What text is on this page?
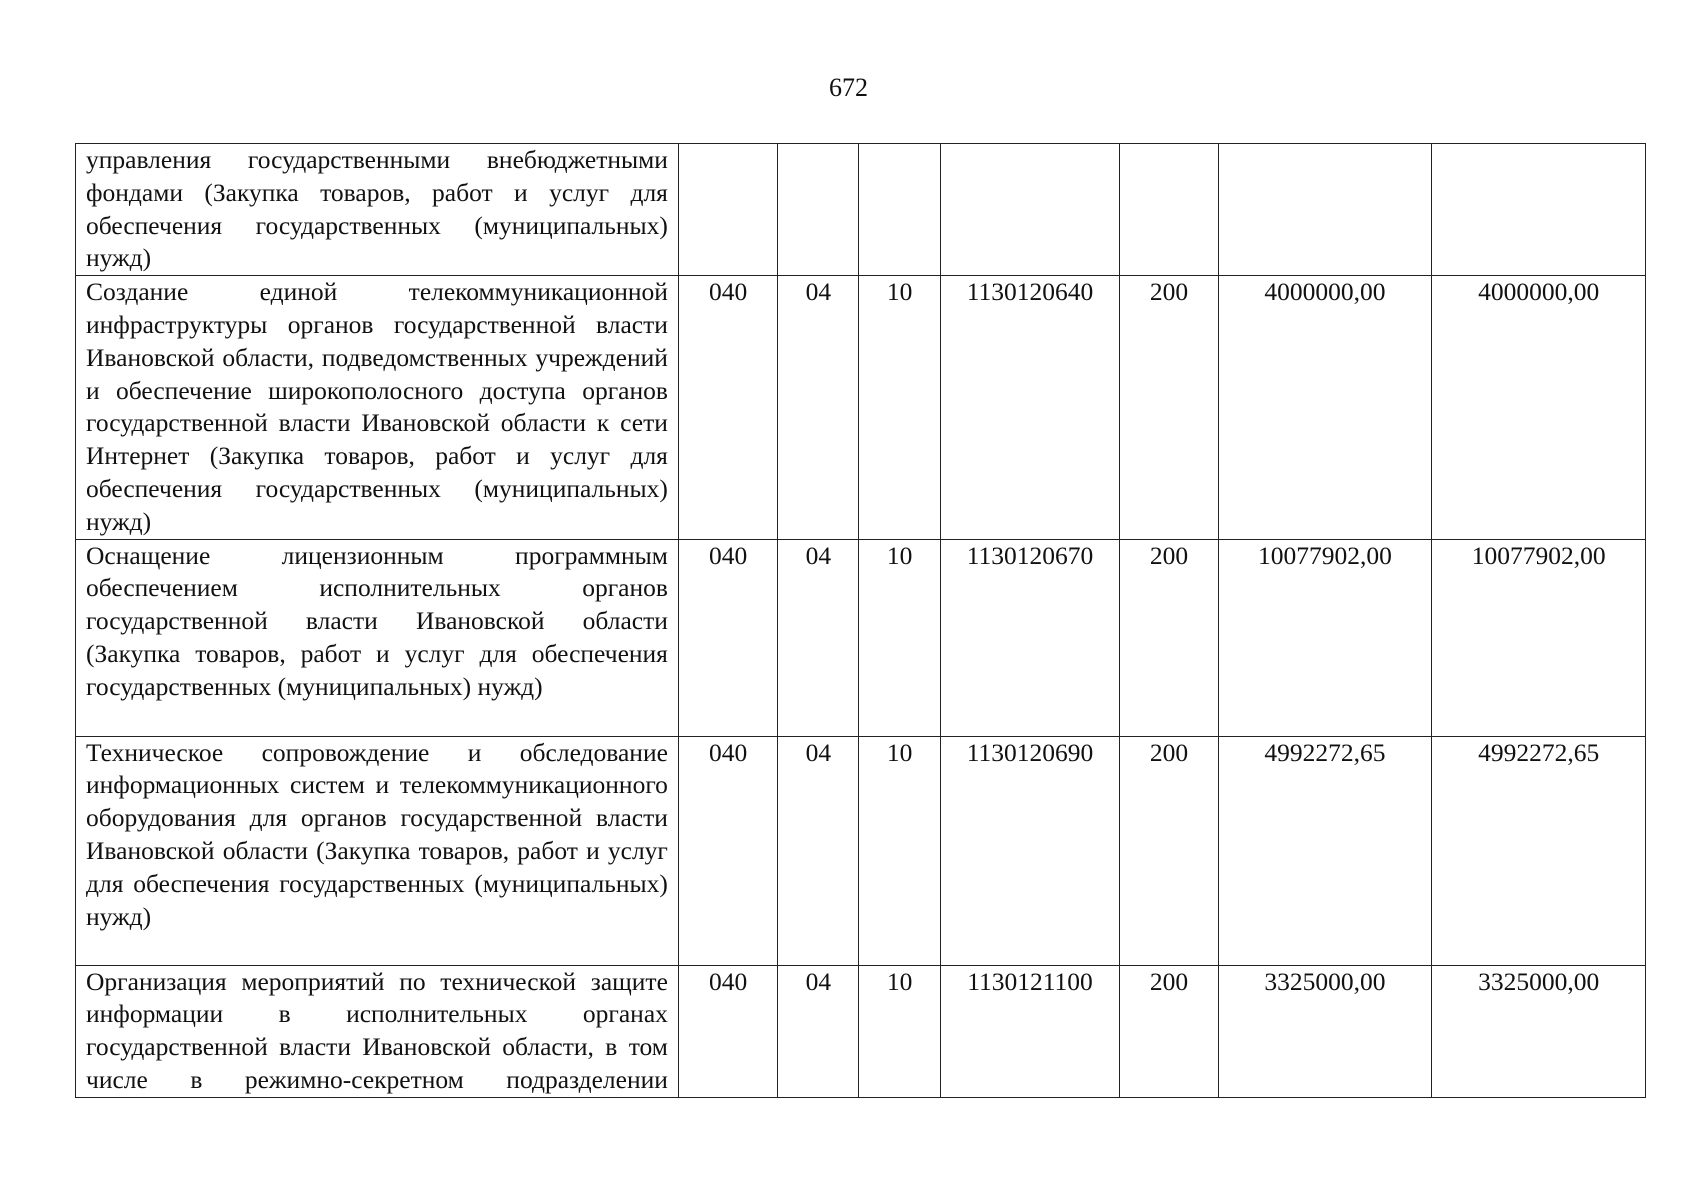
672
управления государственными внебюджетными фондами (Закупка товаров, работ и услуг для обеспечения государственных (муниципальных) нужд)							

Создание единой телекоммуникационной инфраструктуры органов государственной власти Ивановской области, подведомственных учреждений и обеспечение широкополосного доступа органов государственной власти Ивановской области к сети Интернет (Закупка товаров, работ и услуг для обеспечения государственных (муниципальных) нужд)	040	04	10	1130120640	200	4000000,00	4000000,00

Оснащение лицензионным программным обеспечением исполнительных органов государственной власти Ивановской области (Закупка товаров, работ и услуг для обеспечения государственных (муниципальных) нужд)	040	04	10	1130120670	200	10077902,00	10077902,00

Техническое сопровождение и обследование информационных систем и телекоммуникационного оборудования для органов государственной власти Ивановской области (Закупка товаров, работ и услуг для обеспечения государственных (муниципальных) нужд)	040	04	10	1130120690	200	4992272,65	4992272,65

Организация мероприятий по технической защите информации в исполнительных органах государственной власти Ивановской области, в том числе в режимно-секретном подразделении	040	04	10	1130121100	200	3325000,00	3325000,00
